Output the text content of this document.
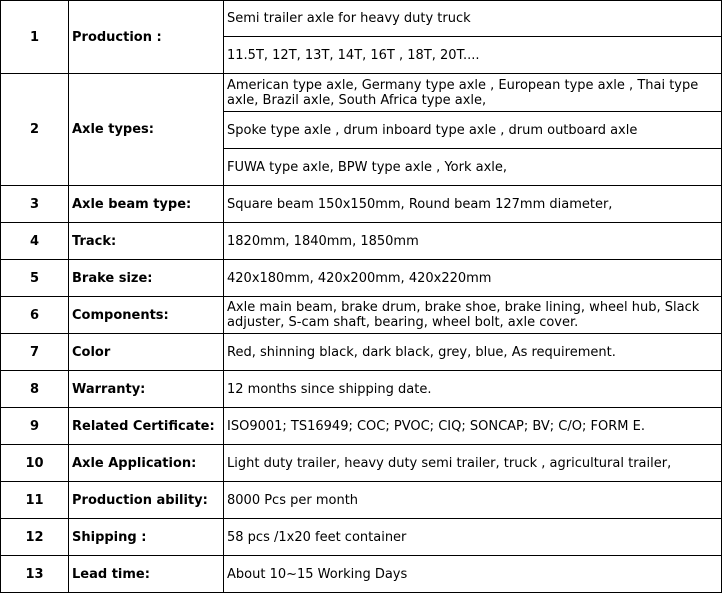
1	Production :	Semi trailer axle for heavy duty truck
		11.5T, 12T, 13T, 14T, 16T , 18T, 20T....
2	Axle types:	American type axle, Germany type axle , European type axle , Thai type axle, Brazil axle, South Africa type axle,
		Spoke type axle , drum inboard type axle , drum outboard axle
		FUWA type axle, BPW type axle , York axle,
3	Axle beam type:	Square beam 150x150mm, Round beam 127mm diameter,
4	Track:	1820mm, 1840mm, 1850mm
5	Brake size:	420x180mm, 420x200mm, 420x220mm
6	Components:	Axle main beam, brake drum, brake shoe, brake lining, wheel hub, Slack adjuster, S-cam shaft, bearing, wheel bolt, axle cover.
7	Color	Red, shinning black, dark black, grey, blue, As requirement.
8	Warranty:	12 months since shipping date.
9	Related Certificate:	ISO9001; TS16949; COC; PVOC; CIQ; SONCAP; BV; C/O; FORM E.
10	Axle Application:	Light duty trailer, heavy duty semi trailer, truck , agricultural trailer,
11	Production ability:	8000 Pcs per month
12	Shipping :	58 pcs /1x20 feet container
13	Lead time:	About 10~15 Working Days
